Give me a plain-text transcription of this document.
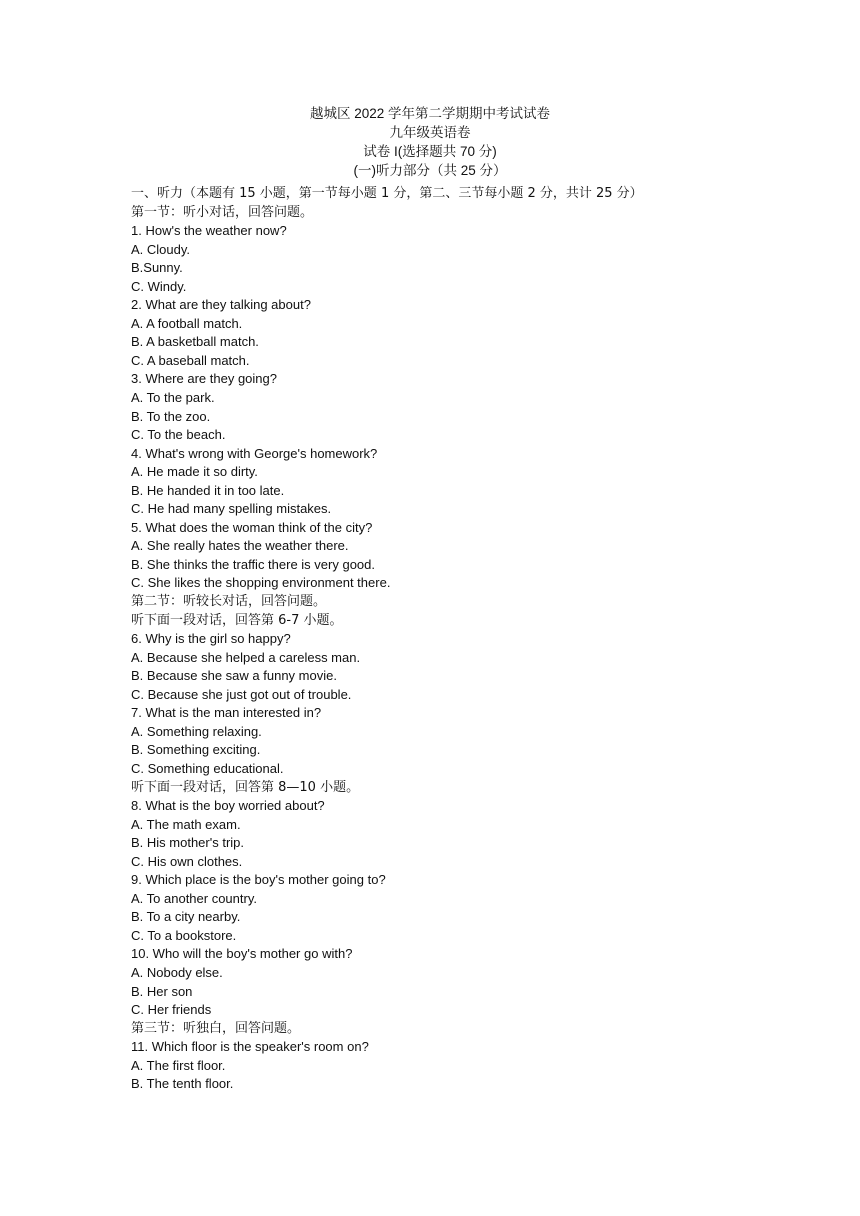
越城区 2022 学年第二学期期中考试试卷
九年级英语卷
试卷 I(选择题共 70 分)
(一)听力部分（共 25 分）
一、听力（本题有 15 小题，第一节每小题 1 分，第二、三节每小题 2 分，共计 25 分）
第一节：听小对话，回答问题。
1. How's the weather now?
A. Cloudy.
B.Sunny.
C. Windy.
2. What are they talking about?
A. A football match.
B. A basketball match.
C. A baseball match.
3. Where are they going?
A. To the park.
B. To the zoo.
C. To the beach.
4. What's wrong with George's homework?
A. He made it so dirty.
B. He handed it in too late.
C. He had many spelling mistakes.
5. What does the woman think of the city?
A. She really hates the weather there.
B. She thinks the traffic there is very good.
C. She likes the shopping environment there.
第二节：听较长对话，回答问题。
听下面一段对话，回答第 6-7 小题。
6. Why is the girl so happy?
A. Because she helped a careless man.
B. Because she saw a funny movie.
C. Because she just got out of trouble.
7. What is the man interested in?
A. Something relaxing.
B. Something exciting.
C. Something educational.
听下面一段对话，回答第 8—10 小题。
8. What is the boy worried about?
A. The math exam.
B. His mother's trip.
C. His own clothes.
9. Which place is the boy's mother going to?
A. To another country.
B. To a city nearby.
C. To a bookstore.
10. Who will the boy's mother go with?
A. Nobody else.
B. Her son
C. Her friends
第三节：听独白，回答问题。
11. Which floor is the speaker's room on?
A. The first floor.
B. The tenth floor.
